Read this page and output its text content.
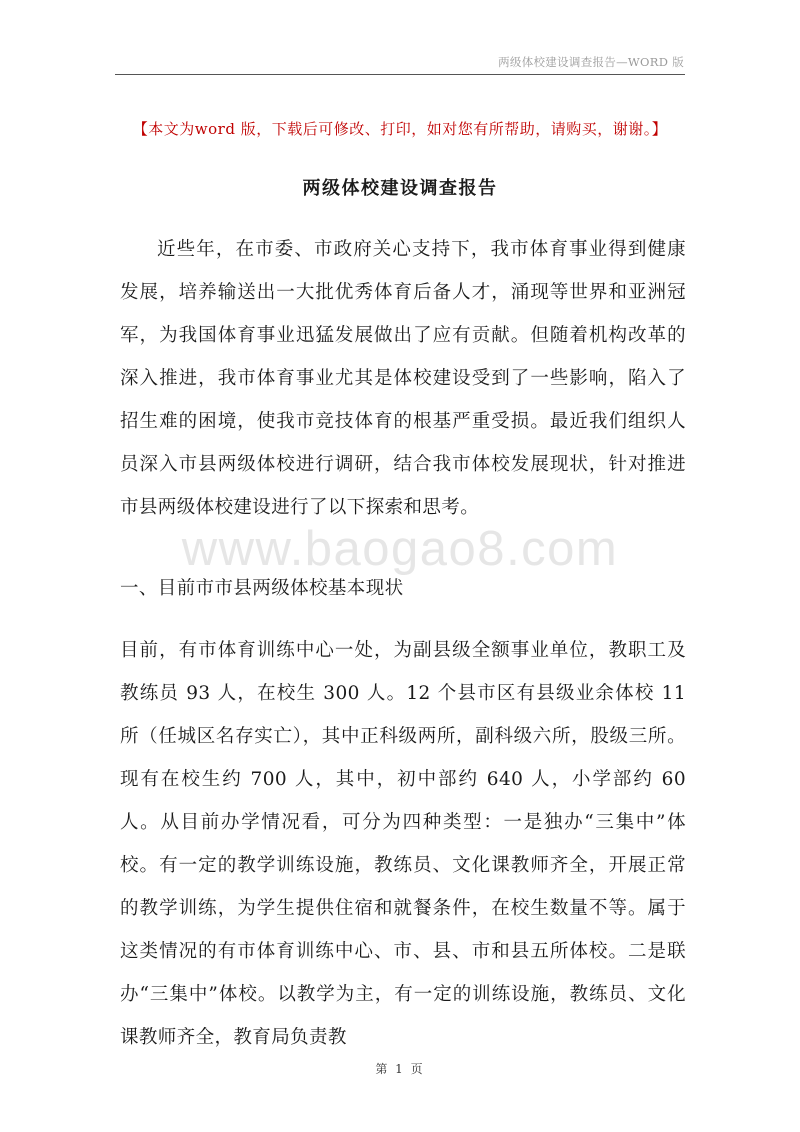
两级体校建设调查报告—WORD 版
【本文为word 版，下载后可修改、打印，如对您有所帮助，请购买，谢谢。】
两级体校建设调查报告

近些年，在市委、市政府关心支持下，我市体育事业得到健康发展，培养输送出一大批优秀体育后备人才，涌现等世界和亚洲冠军，为我国体育事业迅猛发展做出了应有贡献。但随着机构改革的深入推进，我市体育事业尤其是体校建设受到了一些影响，陷入了招生难的困境，使我市竞技体育的根基严重受损。最近我们组织人员深入市县两级体校进行调研，结合我市体校发展现状，针对推进市县两级体校建设进行了以下探索和思考。

www.baogao8.com
一、目前市市县两级体校基本现状

目前，有市体育训练中心一处，为副县级全额事业单位，教职工及教练员 93 人，在校生 300 人。12 个县市区有县级业余体校 11 所（任城区名存实亡），其中正科级两所，副科级六所，股级三所。现有在校生约 700 人，其中，初中部约 640 人，小学部约 60 人。从目前办学情况看，可分为四种类型：一是独办“三集中”体校。有一定的教学训练设施，教练员、文化课教师齐全，开展正常的教学训练，为学生提供住宿和就餐条件，在校生数量不等。属于这类情况的有市体育训练中心、市、县、市和县五所体校。二是联办“三集中”体校。以教学为主，有一定的训练设施，教练员、文化课教师齐全，教育局负责教

第 1 页
